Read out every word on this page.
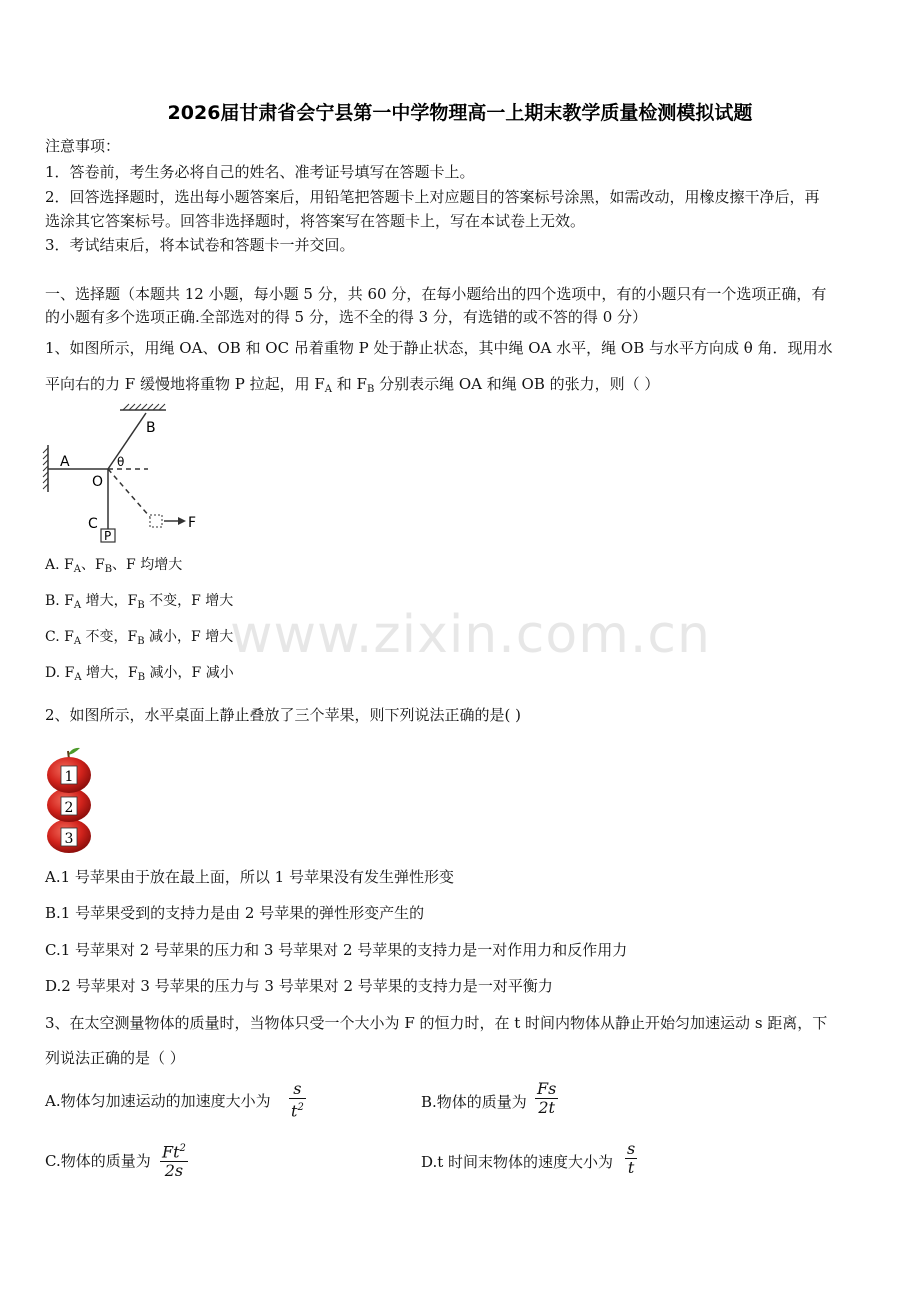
2026届甘肃省会宁县第一中学物理高一上期末教学质量检测模拟试题
注意事项：
1．答卷前，考生务必将自己的姓名、准考证号填写在答题卡上。
2．回答选择题时，选出每小题答案后，用铅笔把答题卡上对应题目的答案标号涂黑，如需改动，用橡皮擦干净后，再
选涂其它答案标号。回答非选择题时，将答案写在答题卡上，写在本试卷上无效。
3．考试结束后，将本试卷和答题卡一并交回。
一、选择题（本题共 12 小题，每小题 5 分，共 60 分，在每小题给出的四个选项中，有的小题只有一个选项正确，有
的小题有多个选项正确.全部选对的得 5 分，选不全的得 3 分，有选错的或不答的得 0 分）
1、如图所示，用绳 OA、OB 和 OC 吊着重物 P 处于静止状态，其中绳 OA 水平，绳 OB 与水平方向成 θ 角．现用水
平向右的力 F 缓慢地将重物 P 拉起，用 $F_A$ 和 $F_B$ 分别表示绳 OA 和绳 OB 的张力，则（ ）
A
B
O
C
P
F
θ
A. $F_A$、$F_B$、F 均增大
B. $F_A$ 增大，$F_B$ 不变，F 增大
C. $F_A$ 不变，$F_B$ 减小，F 增大
D. $F_A$ 增大，$F_B$ 减小，F 减小
www.zixin.com.cn
2、如图所示，水平桌面上静止叠放了三个苹果，则下列说法正确的是( )
1
2
3
A.1 号苹果由于放在最上面，所以 1 号苹果没有发生弹性形变
B.1 号苹果受到的支持力是由 2 号苹果的弹性形变产生的
C.1 号苹果对 2 号苹果的压力和 3 号苹果对 2 号苹果的支持力是一对作用力和反作用力
D.2 号苹果对 3 号苹果的压力与 3 号苹果对 2 号苹果的支持力是一对平衡力
3、在太空测量物体的质量时，当物体只受一个大小为 F 的恒力时，在 t 时间内物体从静止开始匀加速运动 s 距离，下
列说法正确的是（ ）
A.物体匀加速运动的加速度大小为 $\frac{s}{t^2}$	B.物体的质量为 $\frac{Fs}{2t}$
C.物体的质量为 $\frac{Ft^2}{2s}$	D.t 时间末物体的速度大小为 $\frac{s}{t}$
